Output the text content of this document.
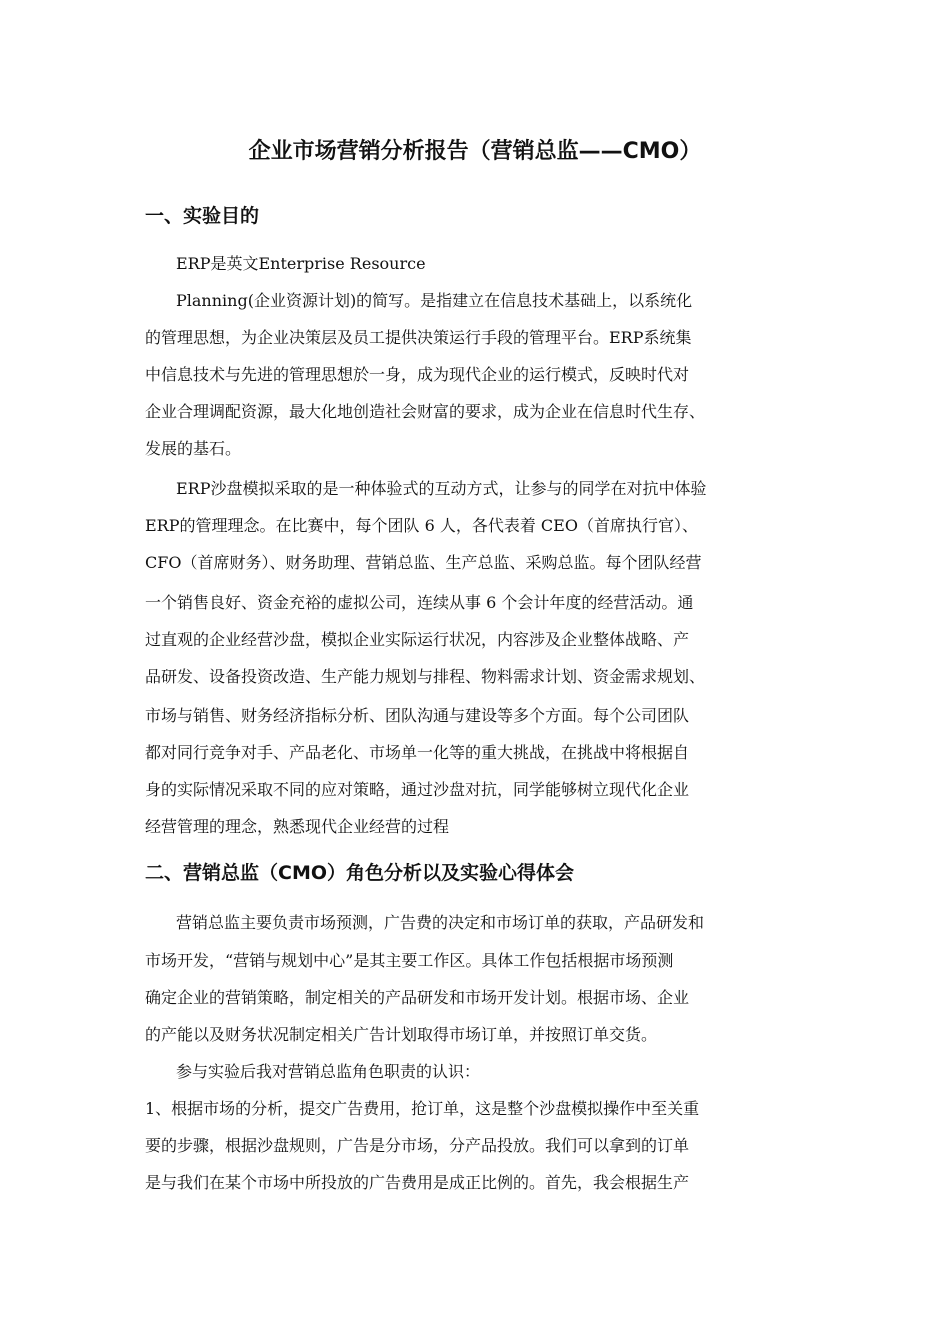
企业市场营销分析报告（营销总监——CMO）
一、实验目的
ERP是英文Enterprise Resource
Planning(企业资源计划)的简写。是指建立在信息技术基础上，以系统化
的管理思想，为企业决策层及员工提供决策运行手段的管理平台。ERP系统集
中信息技术与先进的管理思想於一身，成为现代企业的运行模式，反映时代对
企业合理调配资源，最大化地创造社会财富的要求，成为企业在信息时代生存、
发展的基石。
ERP沙盘模拟采取的是一种体验式的互动方式，让参与的同学在对抗中体验
ERP的管理理念。在比赛中，每个团队 6 人，各代表着 CEO（首席执行官）、
CFO（首席财务）、财务助理、营销总监、生产总监、采购总监。每个团队经营
一个销售良好、资金充裕的虚拟公司，连续从事 6 个会计年度的经营活动。通
过直观的企业经营沙盘，模拟企业实际运行状况，内容涉及企业整体战略、产
品研发、设备投资改造、生产能力规划与排程、物料需求计划、资金需求规划、
市场与销售、财务经济指标分析、团队沟通与建设等多个方面。每个公司团队
都对同行竞争对手、产品老化、市场单一化等的重大挑战，在挑战中将根据自
身的实际情况采取不同的应对策略，通过沙盘对抗，同学能够树立现代化企业
经营管理的理念，熟悉现代企业经营的过程
二、营销总监（CMO）角色分析以及实验心得体会
营销总监主要负责市场预测，广告费的决定和市场订单的获取，产品研发和
市场开发，“营销与规划中心”是其主要工作区。具体工作包括根据市场预测
确定企业的营销策略，制定相关的产品研发和市场开发计划。根据市场、企业
的产能以及财务状况制定相关广告计划取得市场订单，并按照订单交货。
参与实验后我对营销总监角色职责的认识：
1、根据市场的分析，提交广告费用，抢订单，这是整个沙盘模拟操作中至关重
要的步骤，根据沙盘规则，广告是分市场，分产品投放。我们可以拿到的订单
是与我们在某个市场中所投放的广告费用是成正比例的。首先，我会根据生产
